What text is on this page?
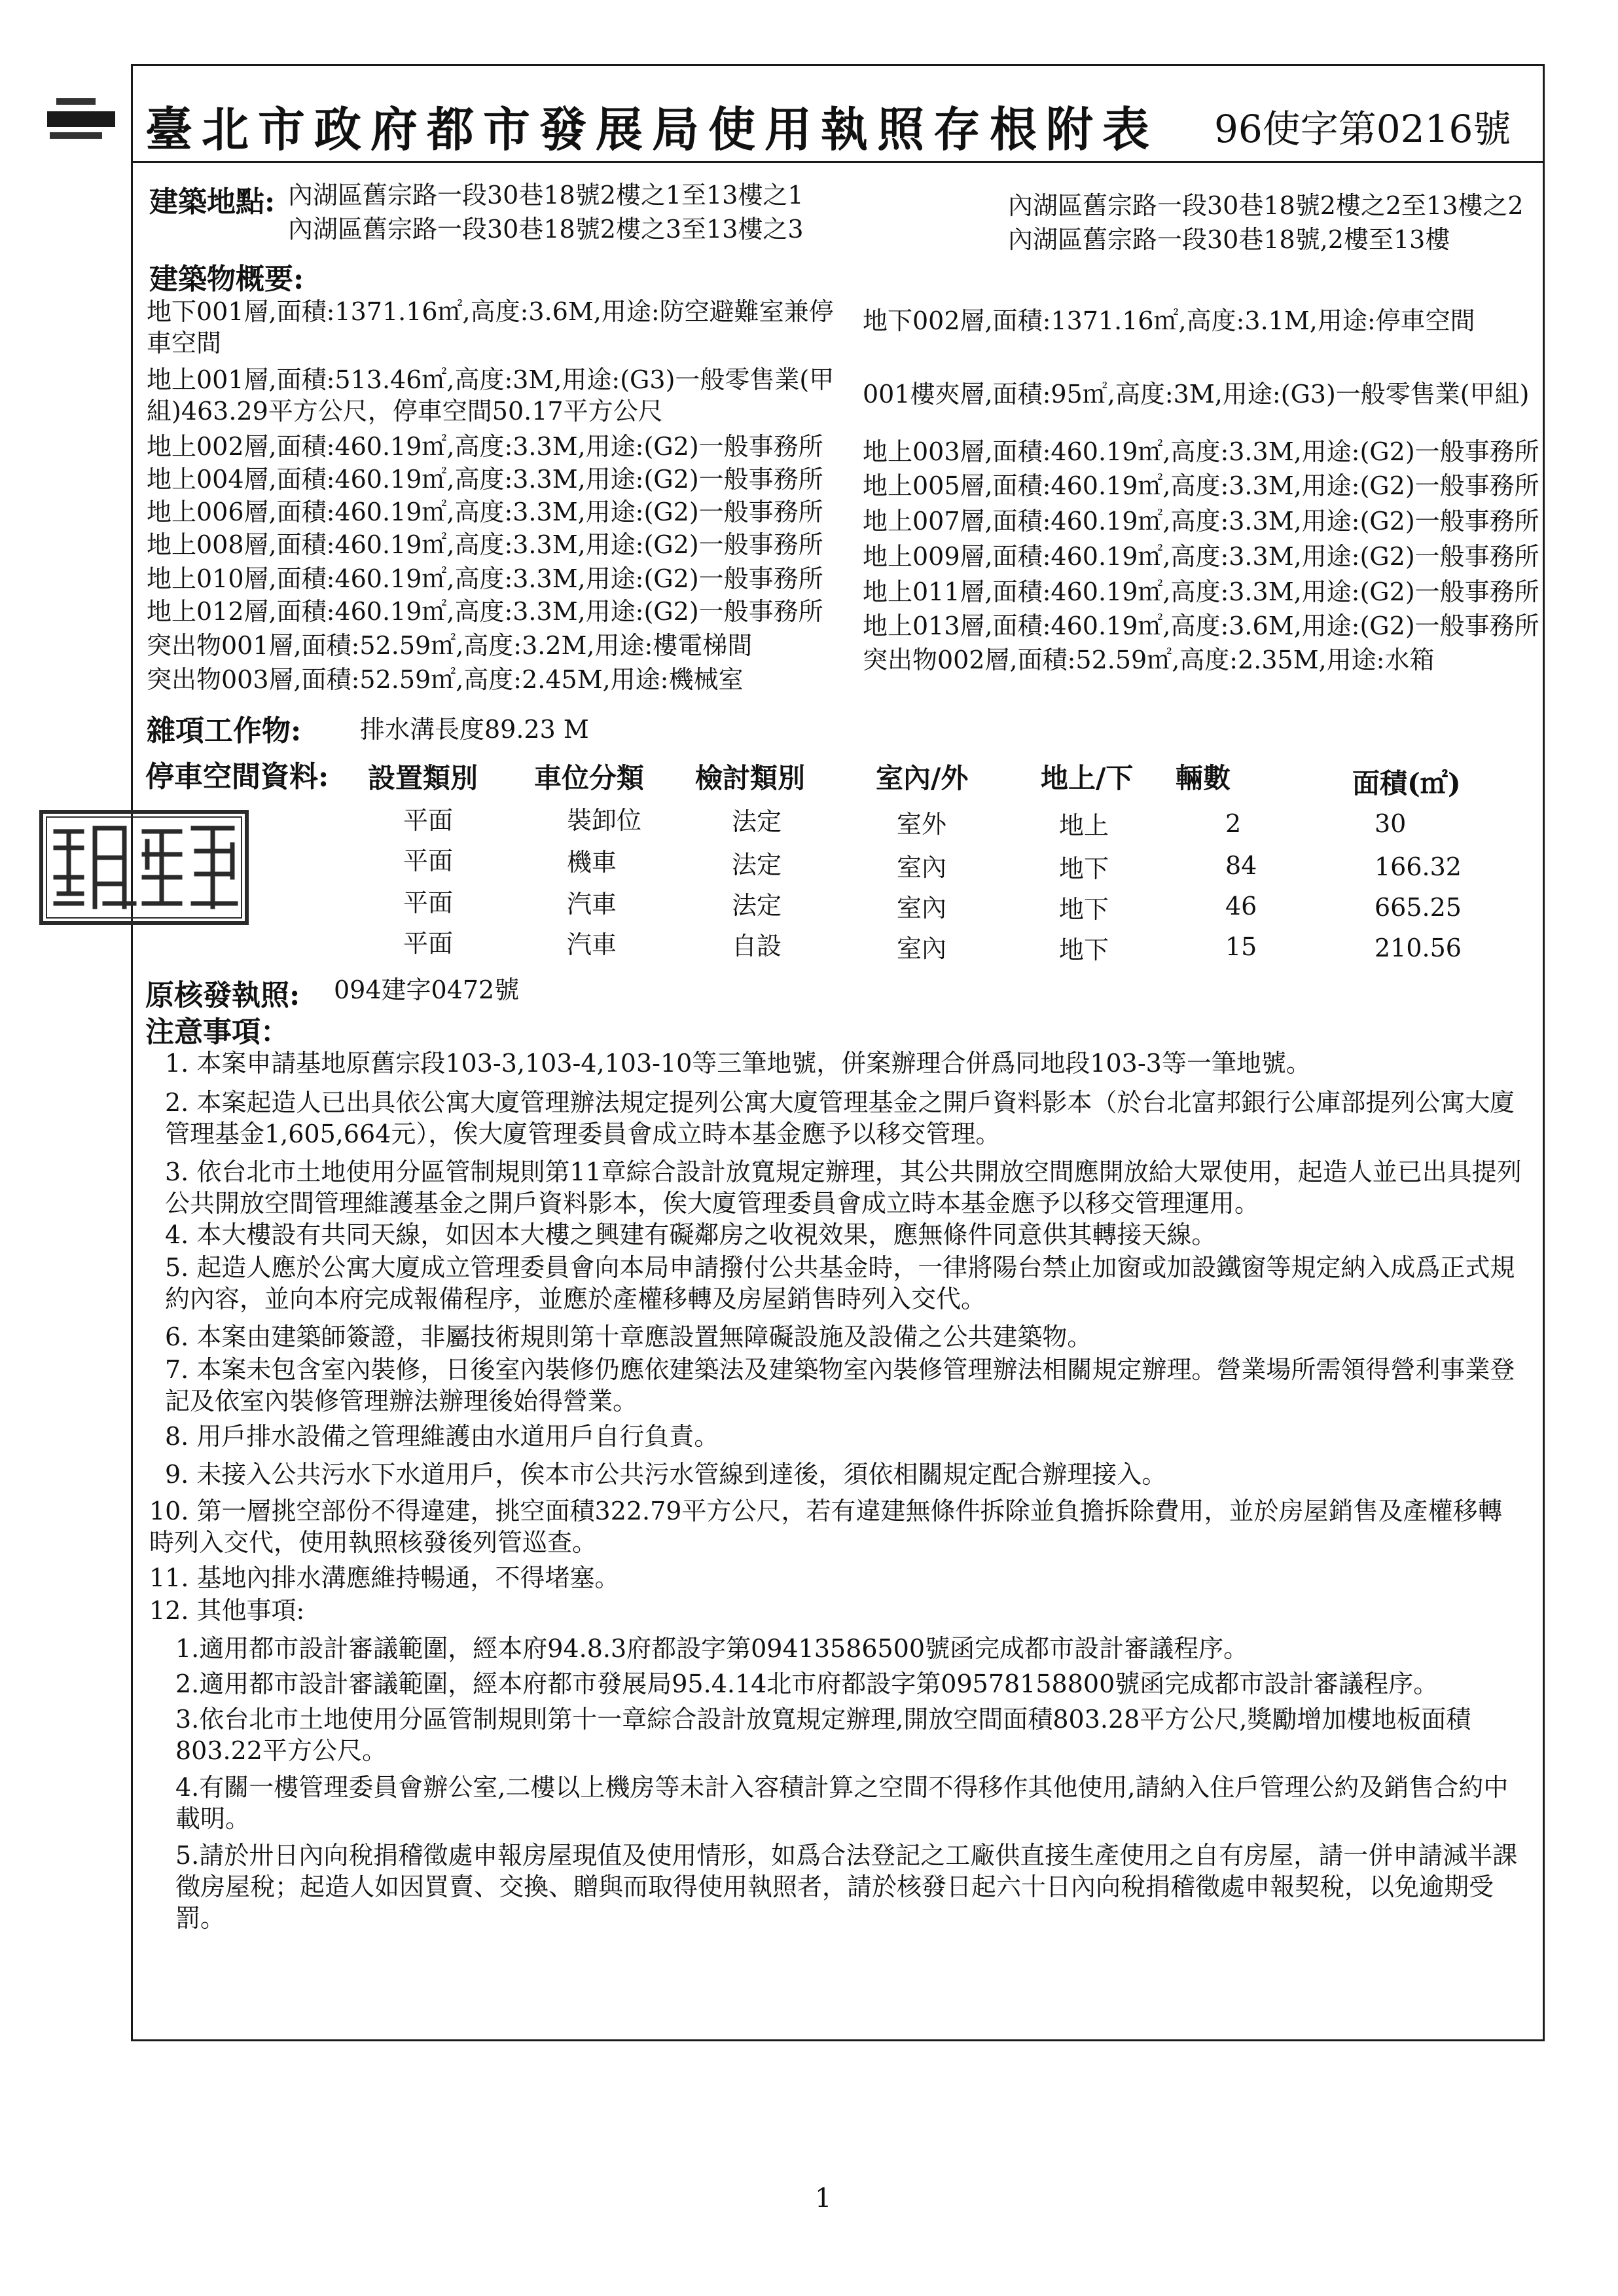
臺北市政府都市發展局使用執照存根附表 96使字第0216號
建築地點: 內湖區舊宗路一段30巷18號2樓之1至13樓之1	內湖區舊宗路一段30巷18號2樓之2至13樓之2
內湖區舊宗路一段30巷18號2樓之3至13樓之3	內湖區舊宗路一段30巷18號,2樓至13樓
建築物概要:
地下001層,面積:1371.16㎡,高度:3.6M,用途:防空避難室兼停車空間
地上001層,面積:513.46㎡,高度:3M,用途:(G3)一般零售業(甲組)463.29平方公尺，停車空間50.17平方公尺
地上002層,面積:460.19㎡,高度:3.3M,用途:(G2)一般事務所
地上004層,面積:460.19㎡,高度:3.3M,用途:(G2)一般事務所
地上006層,面積:460.19㎡,高度:3.3M,用途:(G2)一般事務所
地上008層,面積:460.19㎡,高度:3.3M,用途:(G2)一般事務所
地上010層,面積:460.19㎡,高度:3.3M,用途:(G2)一般事務所
地上012層,面積:460.19㎡,高度:3.3M,用途:(G2)一般事務所
突出物001層,面積:52.59㎡,高度:3.2M,用途:樓電梯間
突出物003層,面積:52.59㎡,高度:2.45M,用途:機械室
地下002層,面積:1371.16㎡,高度:3.1M,用途:停車空間
001樓夾層,面積:95㎡,高度:3M,用途:(G3)一般零售業(甲組)
地上003層,面積:460.19㎡,高度:3.3M,用途:(G2)一般事務所
地上005層,面積:460.19㎡,高度:3.3M,用途:(G2)一般事務所
地上007層,面積:460.19㎡,高度:3.3M,用途:(G2)一般事務所
地上009層,面積:460.19㎡,高度:3.3M,用途:(G2)一般事務所
地上011層,面積:460.19㎡,高度:3.3M,用途:(G2)一般事務所
地上013層,面積:460.19㎡,高度:3.6M,用途:(G2)一般事務所
突出物002層,面積:52.59㎡,高度:2.35M,用途:水箱
雜項工作物: 排水溝長度89.23 M
停車空間資料: 設置類別 車位分類 檢討類別	室內/外	地上/下 輛數	面積(㎡)
平面	裝卸位	法定	室外	地上	2	30
平面	機車	法定	室內	地下	84	166.32
平面	汽車	法定	室內	地下	46	665.25
平面	汽車	自設	室內	地下	15	210.56
原核發執照: 094建字0472號
注意事項：
1. 本案申請基地原舊宗段103-3,103-4,103-10等三筆地號，併案辦理合併爲同地段103-3等一筆地號。
2. 本案起造人已出具依公寓大廈管理辦法規定提列公寓大廈管理基金之開戶資料影本（於台北富邦銀行公庫部提列公寓大廈管理基金1,605,664元），俟大廈管理委員會成立時本基金應予以移交管理。
3. 依台北市土地使用分區管制規則第11章綜合設計放寬規定辦理，其公共開放空間應開放給大眾使用，起造人並已出具提列公共開放空間管理維護基金之開戶資料影本，俟大廈管理委員會成立時本基金應予以移交管理運用。
4. 本大樓設有共同天線，如因本大樓之興建有礙鄰房之收視效果，應無條件同意供其轉接天線。
5. 起造人應於公寓大廈成立管理委員會向本局申請撥付公共基金時，一律將陽台禁止加窗或加設鐵窗等規定納入成爲正式規約內容，並向本府完成報備程序，並應於產權移轉及房屋銷售時列入交代。
6. 本案由建築師簽證，非屬技術規則第十章應設置無障礙設施及設備之公共建築物。
7. 本案未包含室內裝修，日後室內裝修仍應依建築法及建築物室內裝修管理辦法相關規定辦理。營業場所需領得營利事業登記及依室內裝修管理辦法辦理後始得營業。
8. 用戶排水設備之管理維護由水道用戶自行負責。
9. 未接入公共污水下水道用戶，俟本市公共污水管線到達後，須依相關規定配合辦理接入。
10. 第一層挑空部份不得違建，挑空面積322.79平方公尺，若有違建無條件拆除並負擔拆除費用，並於房屋銷售及產權移轉時列入交代，使用執照核發後列管巡查。
11. 基地內排水溝應維持暢通，不得堵塞。
12. 其他事項:
1.適用都市設計審議範圍，經本府94.8.3府都設字第09413586500號函完成都市設計審議程序。
2.適用都市設計審議範圍，經本府都市發展局95.4.14北市府都設字第09578158800號函完成都市設計審議程序。
3.依台北市土地使用分區管制規則第十一章綜合設計放寬規定辦理,開放空間面積803.28平方公尺,獎勵增加樓地板面積803.22平方公尺。
4.有關一樓管理委員會辦公室,二樓以上機房等未計入容積計算之空間不得移作其他使用,請納入住戶管理公約及銷售合約中載明。
5.請於卅日內向稅捐稽徵處申報房屋現值及使用情形，如爲合法登記之工廠供直接生產使用之自有房屋，請一併申請減半課徵房屋稅；起造人如因買賣、交換、贈與而取得使用執照者，請於核發日起六十日內向稅捐稽徵處申報契稅，以免逾期受罰。
1
